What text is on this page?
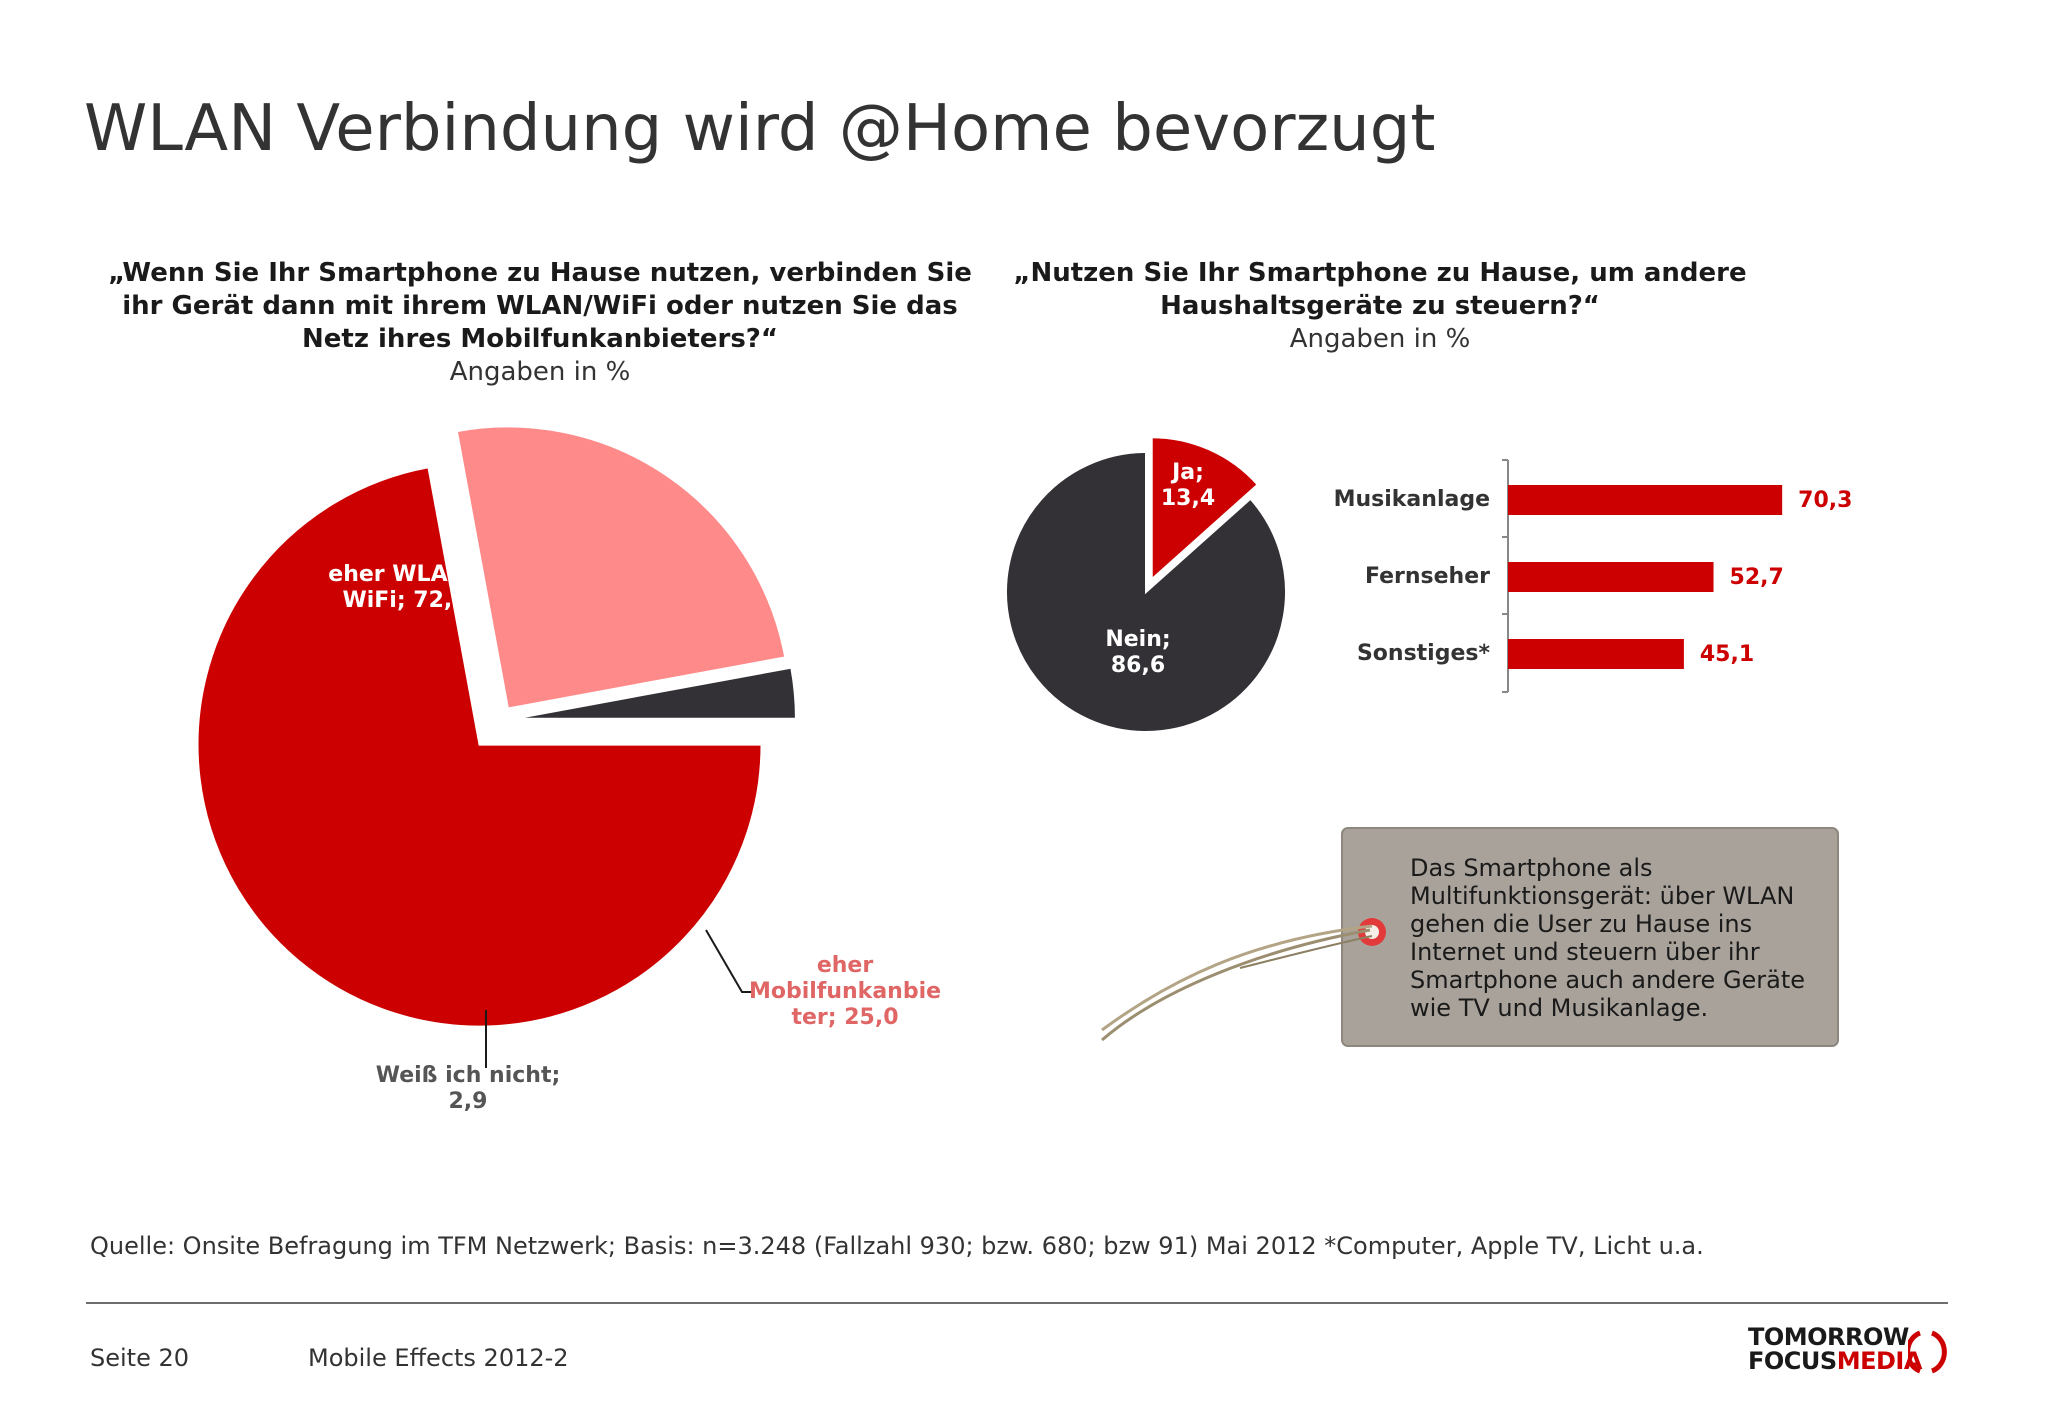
WLAN Verbindung wird @Home bevorzugt
„Wenn Sie Ihr Smartphone zu Hause nutzen, verbinden Sie
ihr Gerät dann mit ihrem WLAN/WiFi oder nutzen Sie das
Netz ihres Mobilfunkanbieters?“
Angaben in %
„Nutzen Sie Ihr Smartphone zu Hause, um andere
Haushaltsgeräte zu steuern?“
Angaben in %
eher WLAN /
WiFi; 72,1
eher
Mobilfunkanbie
ter; 25,0
Weiß ich nicht;
2,9
Ja;
13,4
Nein;
86,6
Musikanlage
Fernseher
Sonstiges*
70,3
52,7
45,1
Das Smartphone als
Multifunktionsgerät: über WLAN
gehen die User zu Hause ins
Internet und steuern über ihr
Smartphone auch andere Geräte
wie TV und Musikanlage.
Quelle: Onsite Befragung im TFM Netzwerk; Basis: n=3.248 (Fallzahl 930; bzw. 680; bzw 91) Mai 2012 *Computer, Apple TV, Licht u.a.
Seite 20	Mobile Effects 2012-2
TOMORROW
FOCUSMEDIA
